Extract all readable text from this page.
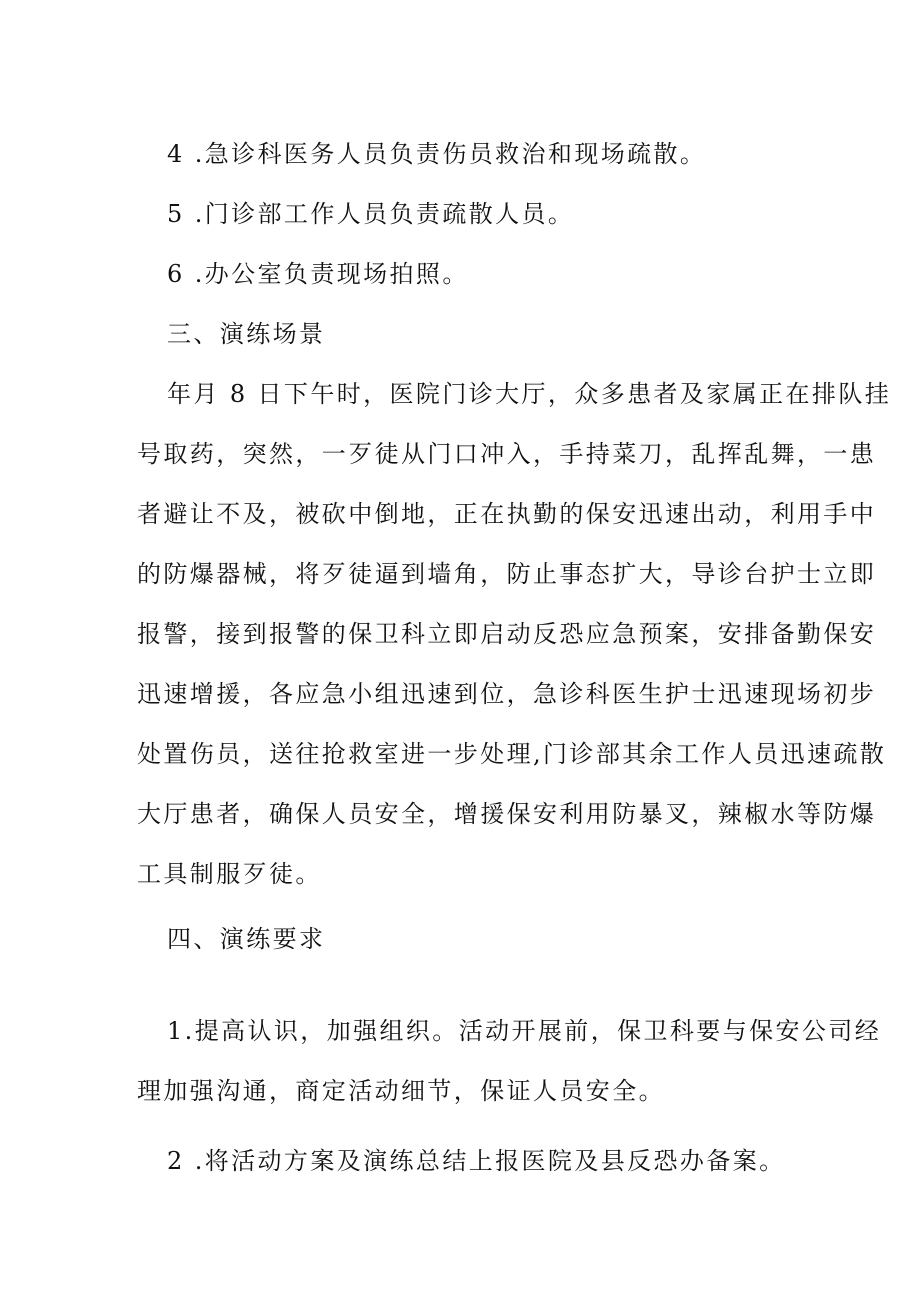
4 .急诊科医务人员负责伤员救治和现场疏散。
5 .门诊部工作人员负责疏散人员。
6 .办公室负责现场拍照。
三、演练场景
年月 8 日下午时，医院门诊大厅，众多患者及家属正在排队挂
号取药，突然，一歹徒从门口冲入，手持菜刀，乱挥乱舞，一患
者避让不及，被砍中倒地，正在执勤的保安迅速出动，利用手中
的防爆器械，将歹徒逼到墙角，防止事态扩大，导诊台护士立即
报警，接到报警的保卫科立即启动反恐应急预案，安排备勤保安
迅速增援，各应急小组迅速到位，急诊科医生护士迅速现场初步
处置伤员，送往抢救室进一步处理,门诊部其余工作人员迅速疏散
大厅患者，确保人员安全，增援保安利用防暴叉，辣椒水等防爆
工具制服歹徒。
四、演练要求
1.提高认识，加强组织。活动开展前，保卫科要与保安公司经
理加强沟通，商定活动细节，保证人员安全。
2 .将活动方案及演练总结上报医院及县反恐办备案。
